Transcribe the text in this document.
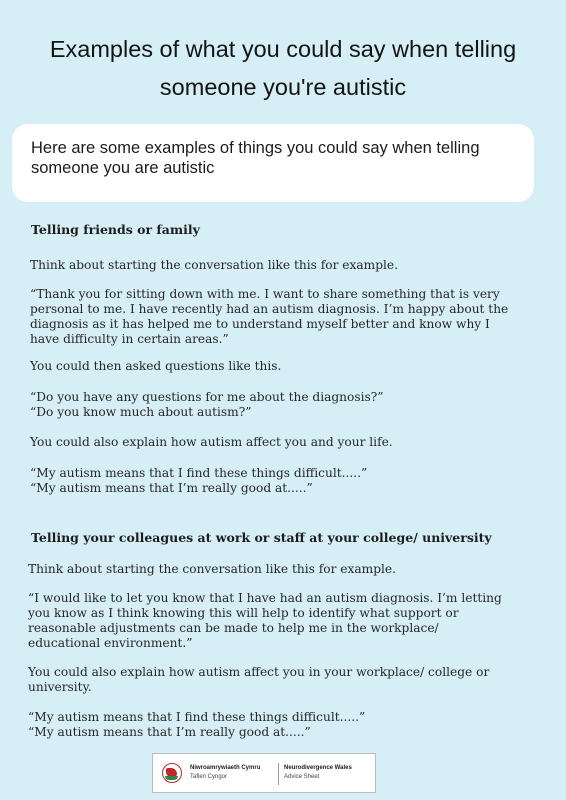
Examples of what you could say when telling
someone you're autistic
Here are some examples of things you could say when telling
someone you are autistic
Telling friends or family
Think about starting the conversation like this for example.
“Thank you for sitting down with me. I want to share something that is very
personal to me. I have recently had an autism diagnosis. I’m happy about the
diagnosis as it has helped me to understand myself better and know why I
have difficulty in certain areas.”
You could then asked questions like this.
“Do you have any questions for me about the diagnosis?”
“Do you know much about autism?”
You could also explain how autism affect you and your life.
“My autism means that I find these things difficult.....”
“My autism means that I’m really good at.....”
Telling your colleagues at work or staff at your college/ university
Think about starting the conversation like this for example.
“I would like to let you know that I have had an autism diagnosis. I’m letting
you know as I think knowing this will help to identify what support or
reasonable adjustments can be made to help me in the workplace/
educational environment.”
You could also explain how autism affect you in your workplace/ college or
university.
“My autism means that I find these things difficult.....”
“My autism means that I’m really good at.....”
Niwroamrywiaeth Cymru
Taflen Cyngor
Neurodivergence Wales
Advice Sheet
